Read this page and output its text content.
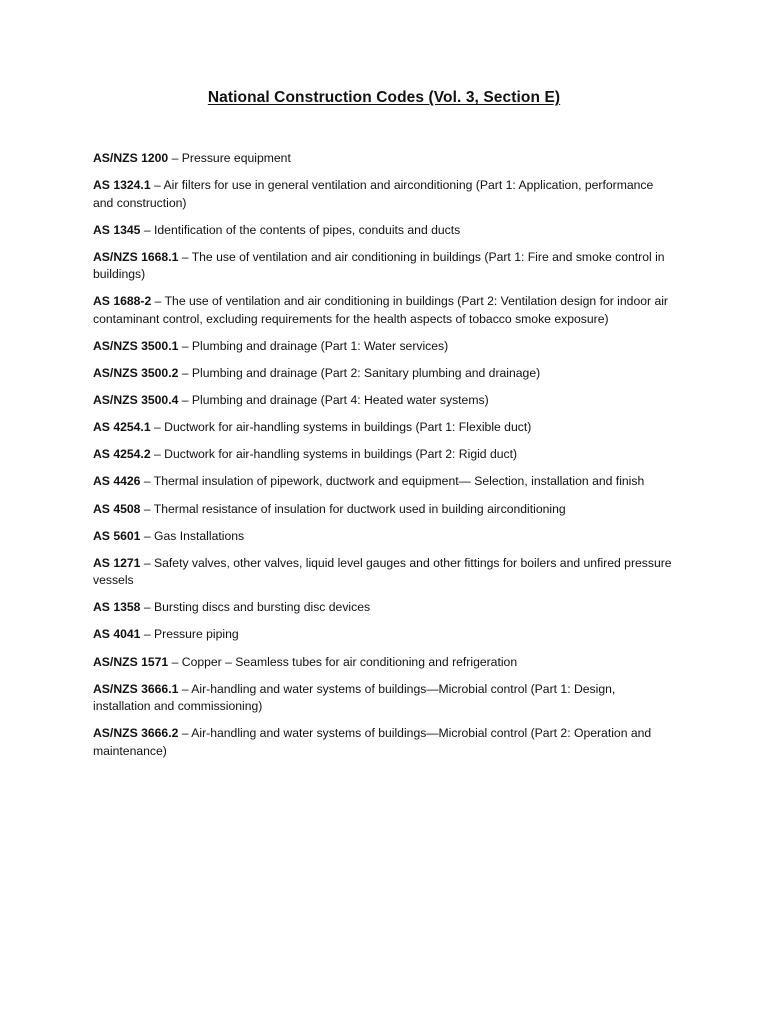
National Construction Codes (Vol. 3, Section E)
AS/NZS 1200 – Pressure equipment
AS 1324.1 – Air filters for use in general ventilation and airconditioning (Part 1: Application, performance and construction)
AS 1345 – Identification of the contents of pipes, conduits and ducts
AS/NZS 1668.1 – The use of ventilation and air conditioning in buildings (Part 1: Fire and smoke control in buildings)
AS 1688-2 – The use of ventilation and air conditioning in buildings (Part 2: Ventilation design for indoor air contaminant control, excluding requirements for the health aspects of tobacco smoke exposure)
AS/NZS 3500.1 – Plumbing and drainage (Part 1: Water services)
AS/NZS 3500.2 – Plumbing and drainage (Part 2: Sanitary plumbing and drainage)
AS/NZS 3500.4 – Plumbing and drainage (Part 4: Heated water systems)
AS 4254.1 – Ductwork for air-handling systems in buildings (Part 1: Flexible duct)
AS 4254.2 – Ductwork for air-handling systems in buildings (Part 2: Rigid duct)
AS 4426 – Thermal insulation of pipework, ductwork and equipment— Selection, installation and finish
AS 4508 – Thermal resistance of insulation for ductwork used in building airconditioning
AS 5601 – Gas Installations
AS 1271 – Safety valves, other valves, liquid level gauges and other fittings for boilers and unfired pressure vessels
AS 1358 – Bursting discs and bursting disc devices
AS 4041 – Pressure piping
AS/NZS 1571 – Copper – Seamless tubes for air conditioning and refrigeration
AS/NZS 3666.1 – Air-handling and water systems of buildings—Microbial control (Part 1: Design, installation and commissioning)
AS/NZS 3666.2 – Air-handling and water systems of buildings—Microbial control (Part 2: Operation and maintenance)
